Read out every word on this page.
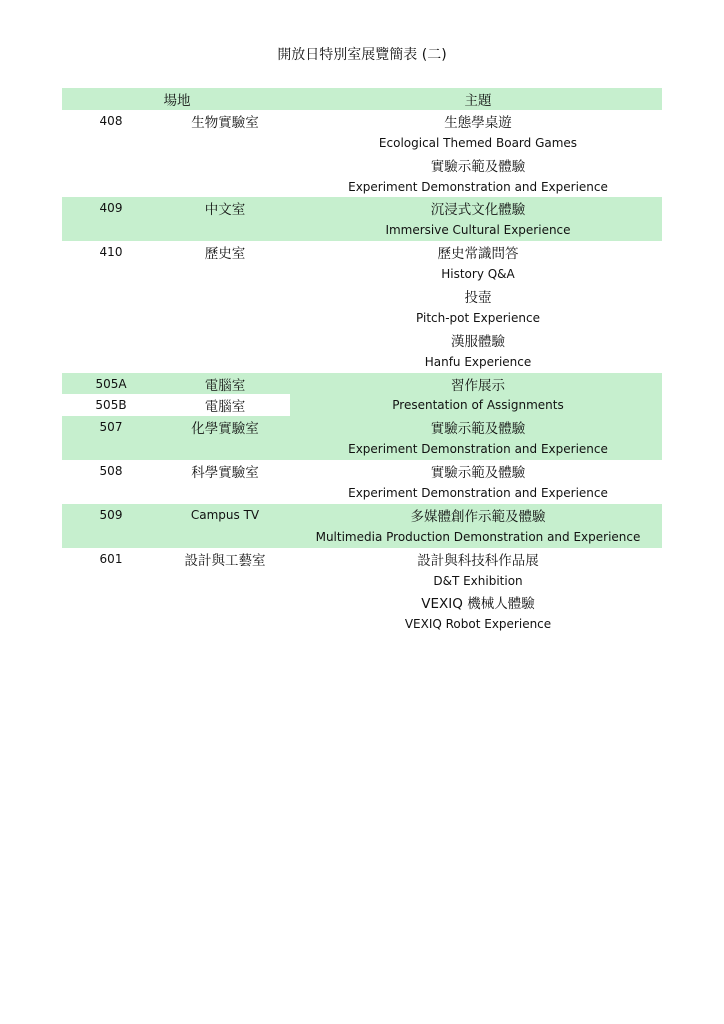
開放日特別室展覽簡表 (二)
場地	主題
408	生物實驗室	生態學桌遊
Ecological Themed Board Games
實驗示範及體驗
Experiment Demonstration and Experience
409	中文室	沉浸式文化體驗
Immersive Cultural Experience
410	歷史室	歷史常識問答
History Q&A
投壺
Pitch-pot Experience
漢服體驗
Hanfu Experience
505A	電腦室	習作展示
505B	電腦室	Presentation of Assignments
507	化學實驗室	實驗示範及體驗
Experiment Demonstration and Experience
508	科學實驗室	實驗示範及體驗
Experiment Demonstration and Experience
509	Campus TV	多媒體創作示範及體驗
Multimedia Production Demonstration and Experience
601	設計與工藝室	設計與科技科作品展
D&T Exhibition
VEXIQ 機械人體驗
VEXIQ Robot Experience
